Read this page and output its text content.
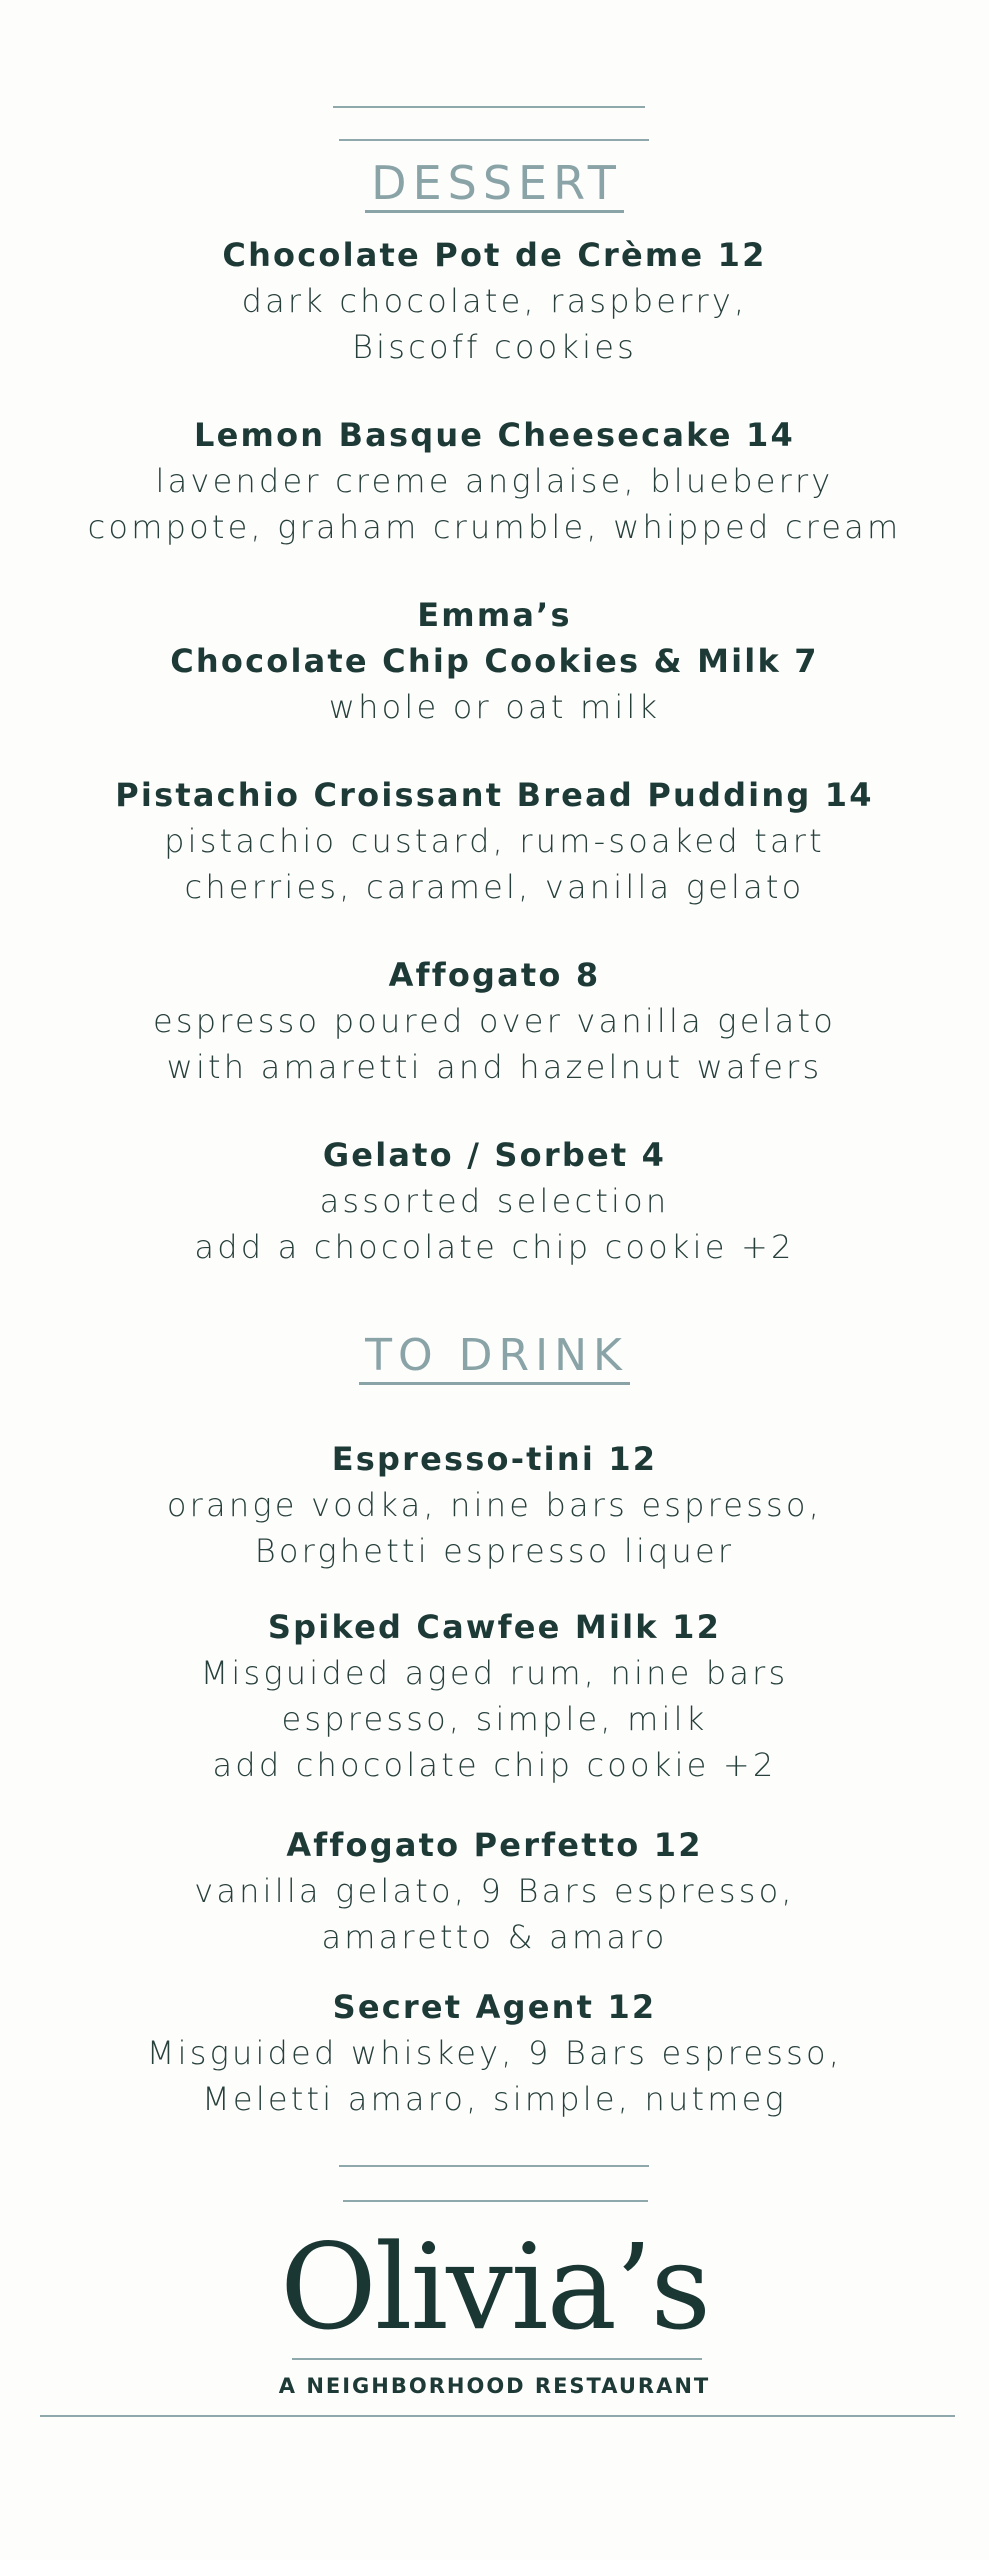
DESSERT
Chocolate Pot de Crème 12
dark chocolate, raspberry,
Biscoff cookies
Lemon Basque Cheesecake 14
lavender creme anglaise, blueberry
compote, graham crumble, whipped cream
Emma’s
Chocolate Chip Cookies & Milk 7
whole or oat milk
Pistachio Croissant Bread Pudding 14
pistachio custard, rum-soaked tart
cherries, caramel, vanilla gelato
Affogato 8
espresso poured over vanilla gelato
with amaretti and hazelnut wafers
Gelato / Sorbet 4
assorted selection
add a chocolate chip cookie +2
TO DRINK
Espresso-tini 12
orange vodka, nine bars espresso,
Borghetti espresso liquer
Spiked Cawfee Milk 12
Misguided aged rum, nine bars
espresso, simple, milk
add chocolate chip cookie +2
Affogato Perfetto 12
vanilla gelato, 9 Bars espresso,
amaretto & amaro
Secret Agent 12
Misguided whiskey, 9 Bars espresso,
Meletti amaro, simple, nutmeg
Olivia’s
A NEIGHBORHOOD RESTAURANT
